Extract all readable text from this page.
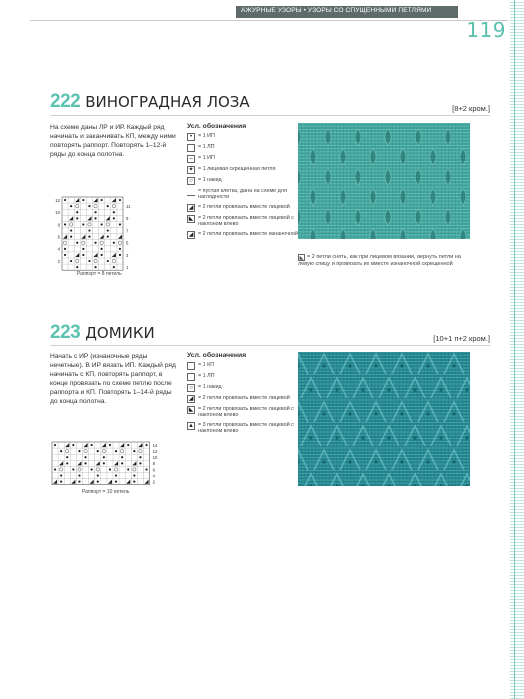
АЖУРНЫЕ УЗОРЫ • УЗОРЫ СО СПУЩЕННЫМИ ПЕТЛЯМИ
119
222 ВИНОГРАДНАЯ ЛОЗА	[8+2 кром.]
На схеме даны ЛР и ИР. Каждый ряд начинать и заканчивать КП, между ними повторять раппорт. Повторять 1–12-й ряды до конца полотна.
Усл. обозначения
•	= 1 ИП
= 1 ЛП
– = 1 ИП
✦ = 1 лицевая скрещенная петля
○ = 1 накид
= пустая клетка, дана на схеме для наглядности
◢ = 2 петли провязать вместе лицевой
◣ = 2 петли провязать вместе лицевой с наклоном влево
◢ = 2 петли провязать вместе изнаночной
12
10
8
6
4
2
11
9
7
5
3
1
Раппорт = 8 петель
◣ = 2 петли снять, как при лицевом вязании, вернуть петли на левую спицу и провязать их вместе изнаночной скрещенной
223 ДОМИКИ	[10+1 п+2 кром.]
Начать с ИР (изнаночные ряды нечетные). В ИР вязать ИП. Каждый ряд начинать с КП, повторять раппорт, в конце провязать по схеме петлю после раппорта и КП. Повторять 1–14-й ряды до конца полотна.
Усл. обозначения
= 1 КП
= 1 ЛП
○ = 1 накид
◢ = 2 петли провязать вместе лицевой
◣ = 2 петли провязать вместе лицевой с наклоном влево
▲ = 3 петли провязать вместе лицевой с наклоном влево
14
12
10
8
6
4
2
Раппорт = 10 петель
